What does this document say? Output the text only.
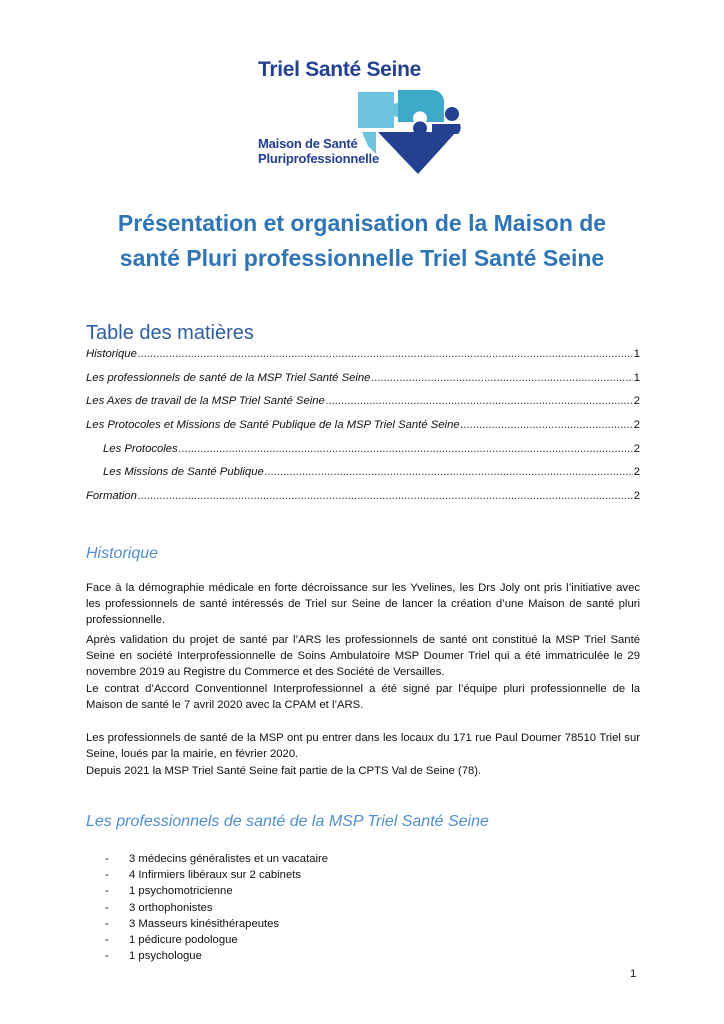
Triel Santé Seine
Maison de Santé
Pluriprofessionnelle
Présentation et organisation de la Maison de
santé Pluri professionnelle Triel Santé Seine
Table des matières
Historique .....	1
Les professionnels de santé de la MSP Triel Santé Seine .....	1
Les Axes de travail de la MSP Triel Santé Seine .....	2
Les Protocoles et Missions de Santé Publique de la MSP Triel Santé Seine .....	2
Les Protocoles .....	2
Les Missions de Santé Publique .....	2
Formation .....	2
Historique

Face à la démographie médicale en forte décroissance sur les Yvelines, les Drs Joly ont pris l’initiative avec les professionnels de santé intéressés de Triel sur Seine de lancer la création d’une Maison de santé pluri professionnelle.

Après validation du projet de santé par l’ARS les professionnels de santé ont constitué la MSP Triel Santé Seine en société Interprofessionnelle de Soins Ambulatoire MSP Doumer Triel qui a été immatriculée le 29 novembre 2019 au Registre du Commerce et des Société de Versailles.

Le contrat d’Accord Conventionnel Interprofessionnel a été signé par l’équipe pluri professionnelle de la Maison de santé le 7 avril 2020 avec la CPAM et l’ARS.

Les professionnels de santé de la MSP ont pu entrer dans les locaux du 171 rue Paul Doumer 78510 Triel sur Seine, loués par la mairie, en février 2020.

Depuis 2021 la MSP Triel Santé Seine fait partie de la CPTS Val de Seine (78).

Les professionnels de santé de la MSP Triel Santé Seine
- 3 médecins généralistes et un vacataire
- 4 Infirmiers libéraux sur 2 cabinets
- 1 psychomotricienne
- 3 orthophonistes
- 3 Masseurs kinésithérapeutes
- 1 pédicure podologue
- 1 psychologue
1
